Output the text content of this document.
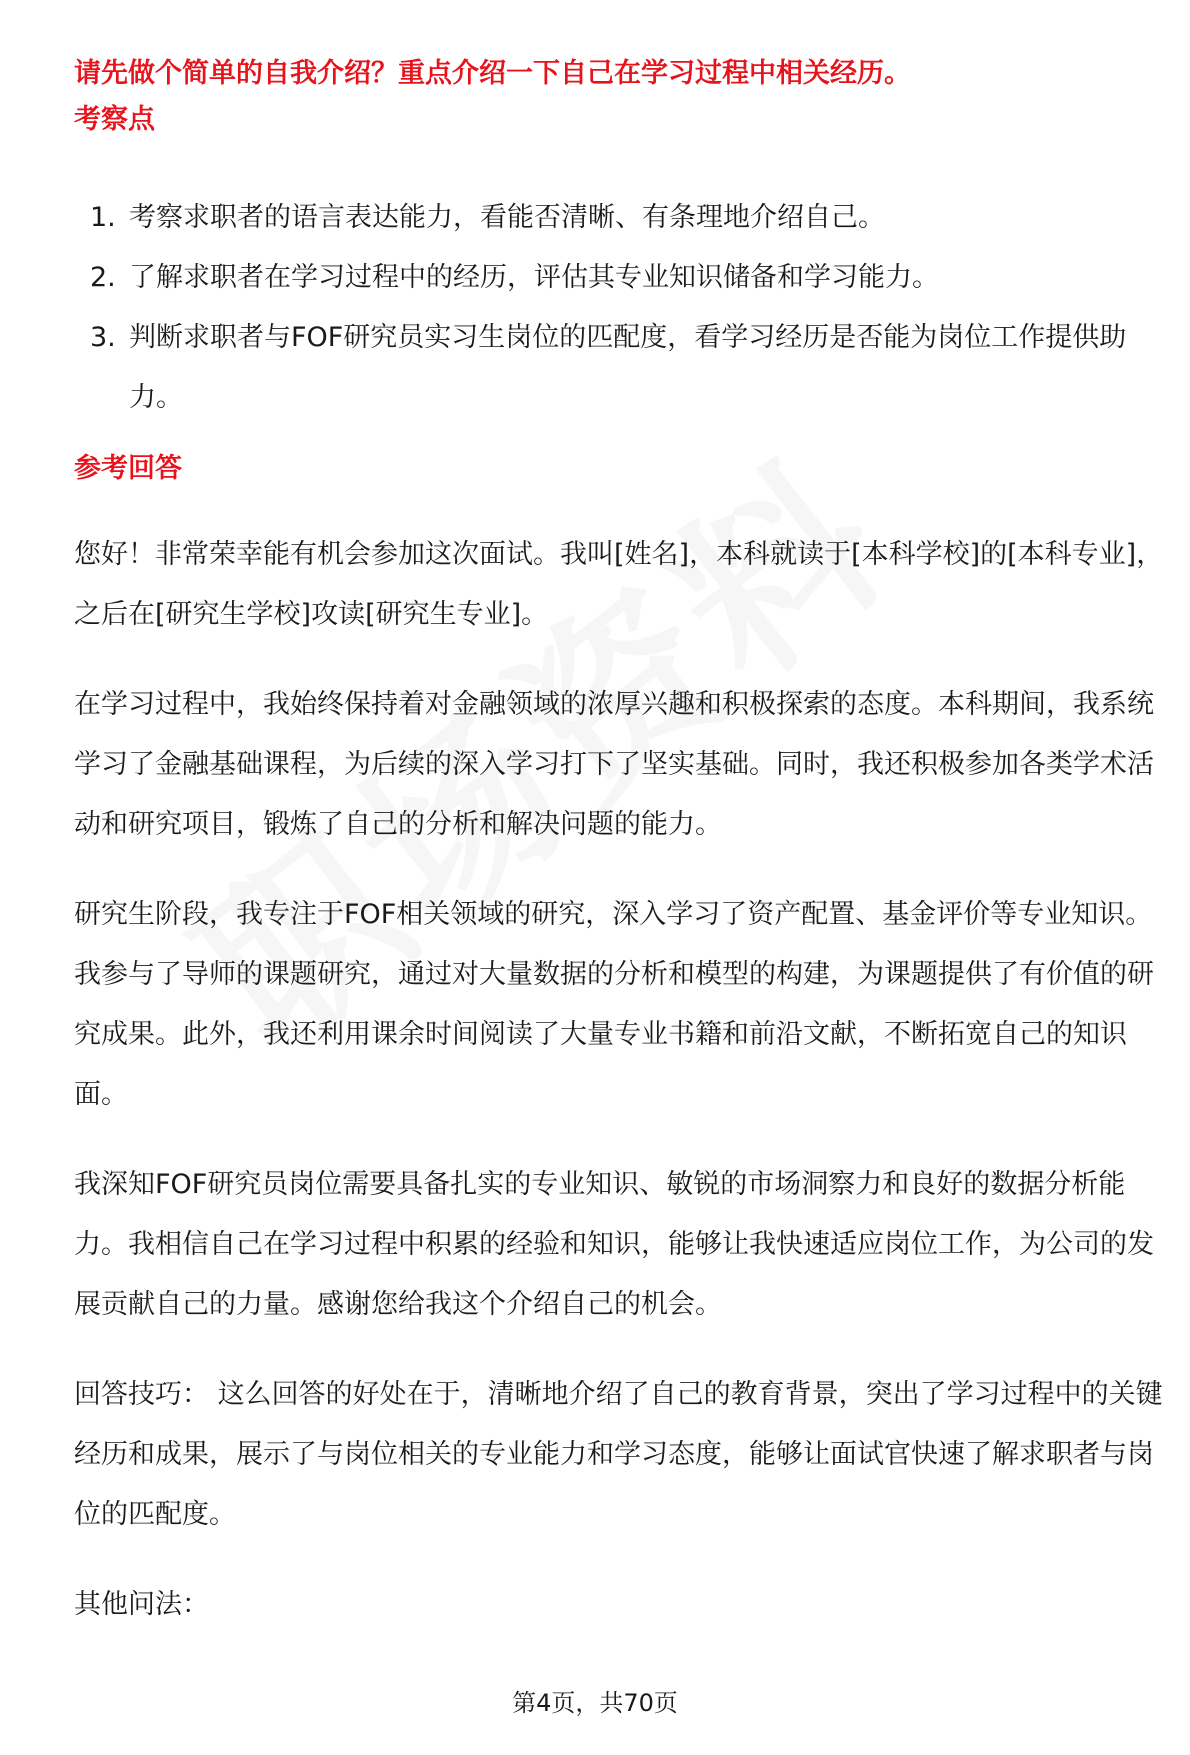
请先做个简单的自我介绍？重点介绍一下自己在学习过程中相关经历。
考察点
1. 考察求职者的语言表达能力，看能否清晰、有条理地介绍自己。
2. 了解求职者在学习过程中的经历，评估其专业知识储备和学习能力。
3. 判断求职者与FOF研究员实习生岗位的匹配度，看学习经历是否能为岗位工作提供助力。
参考回答

您好！非常荣幸能有机会参加这次面试。我叫[姓名]，本科就读于[本科学校]的[本科专业]，之后在[研究生学校]攻读[研究生专业]。

在学习过程中，我始终保持着对金融领域的浓厚兴趣和积极探索的态度。本科期间，我系统学习了金融基础课程，为后续的深入学习打下了坚实基础。同时，我还积极参加各类学术活动和研究项目，锻炼了自己的分析和解决问题的能力。

研究生阶段，我专注于FOF相关领域的研究，深入学习了资产配置、基金评价等专业知识。我参与了导师的课题研究，通过对大量数据的分析和模型的构建，为课题提供了有价值的研究成果。此外，我还利用课余时间阅读了大量专业书籍和前沿文献，不断拓宽自己的知识面。

我深知FOF研究员岗位需要具备扎实的专业知识、敏锐的市场洞察力和良好的数据分析能力。我相信自己在学习过程中积累的经验和知识，能够让我快速适应岗位工作，为公司的发展贡献自己的力量。感谢您给我这个介绍自己的机会。

回答技巧： 这么回答的好处在于，清晰地介绍了自己的教育背景，突出了学习过程中的关键经历和成果，展示了与岗位相关的专业能力和学习态度，能够让面试官快速了解求职者与岗位的匹配度。

其他问法：

第4页，共70页
